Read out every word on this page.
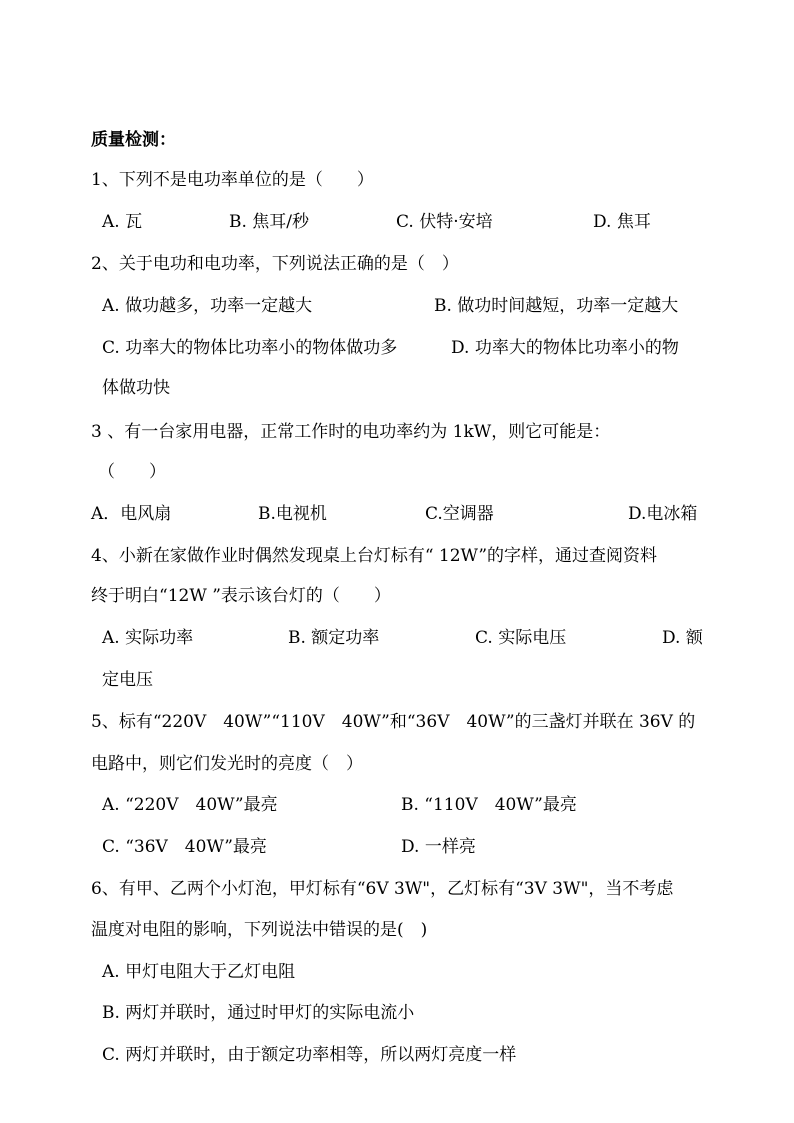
质量检测：
1、下列不是电功率单位的是（　　）
A. 瓦	B. 焦耳/秒	C. 伏特·安培	D. 焦耳
2、关于电功和电功率，下列说法正确的是（　）
A. 做功越多，功率一定越大	B. 做功时间越短，功率一定越大
C. 功率大的物体比功率小的物体做功多	D. 功率大的物体比功率小的物
体做功快
3 、有一台家用电器，正常工作时的电功率约为 1kW，则它可能是：
（　　）
A．电风扇	B.电视机	C.空调器	D.电冰箱
4、小新在家做作业时偶然发现桌上台灯标有“ 12W”的字样，通过查阅资料
终于明白“12W ”表示该台灯的（　　）
A. 实际功率	B. 额定功率	C. 实际电压	D. 额
定电压
5、标有“220V　40W”“110V　40W”和“36V　40W”的三盏灯并联在 36V 的
电路中，则它们发光时的亮度（　）
A. “220V　40W”最亮	B. “110V　40W”最亮
C. “36V　40W”最亮	D. 一样亮
6、有甲、乙两个小灯泡，甲灯标有“6V 3W"，乙灯标有“3V 3W"，当不考虑
温度对电阻的影响，下列说法中错误的是(　)
A. 甲灯电阻大于乙灯电阻
B. 两灯并联时，通过时甲灯的实际电流小
C. 两灯并联时，由于额定功率相等，所以两灯亮度一样
